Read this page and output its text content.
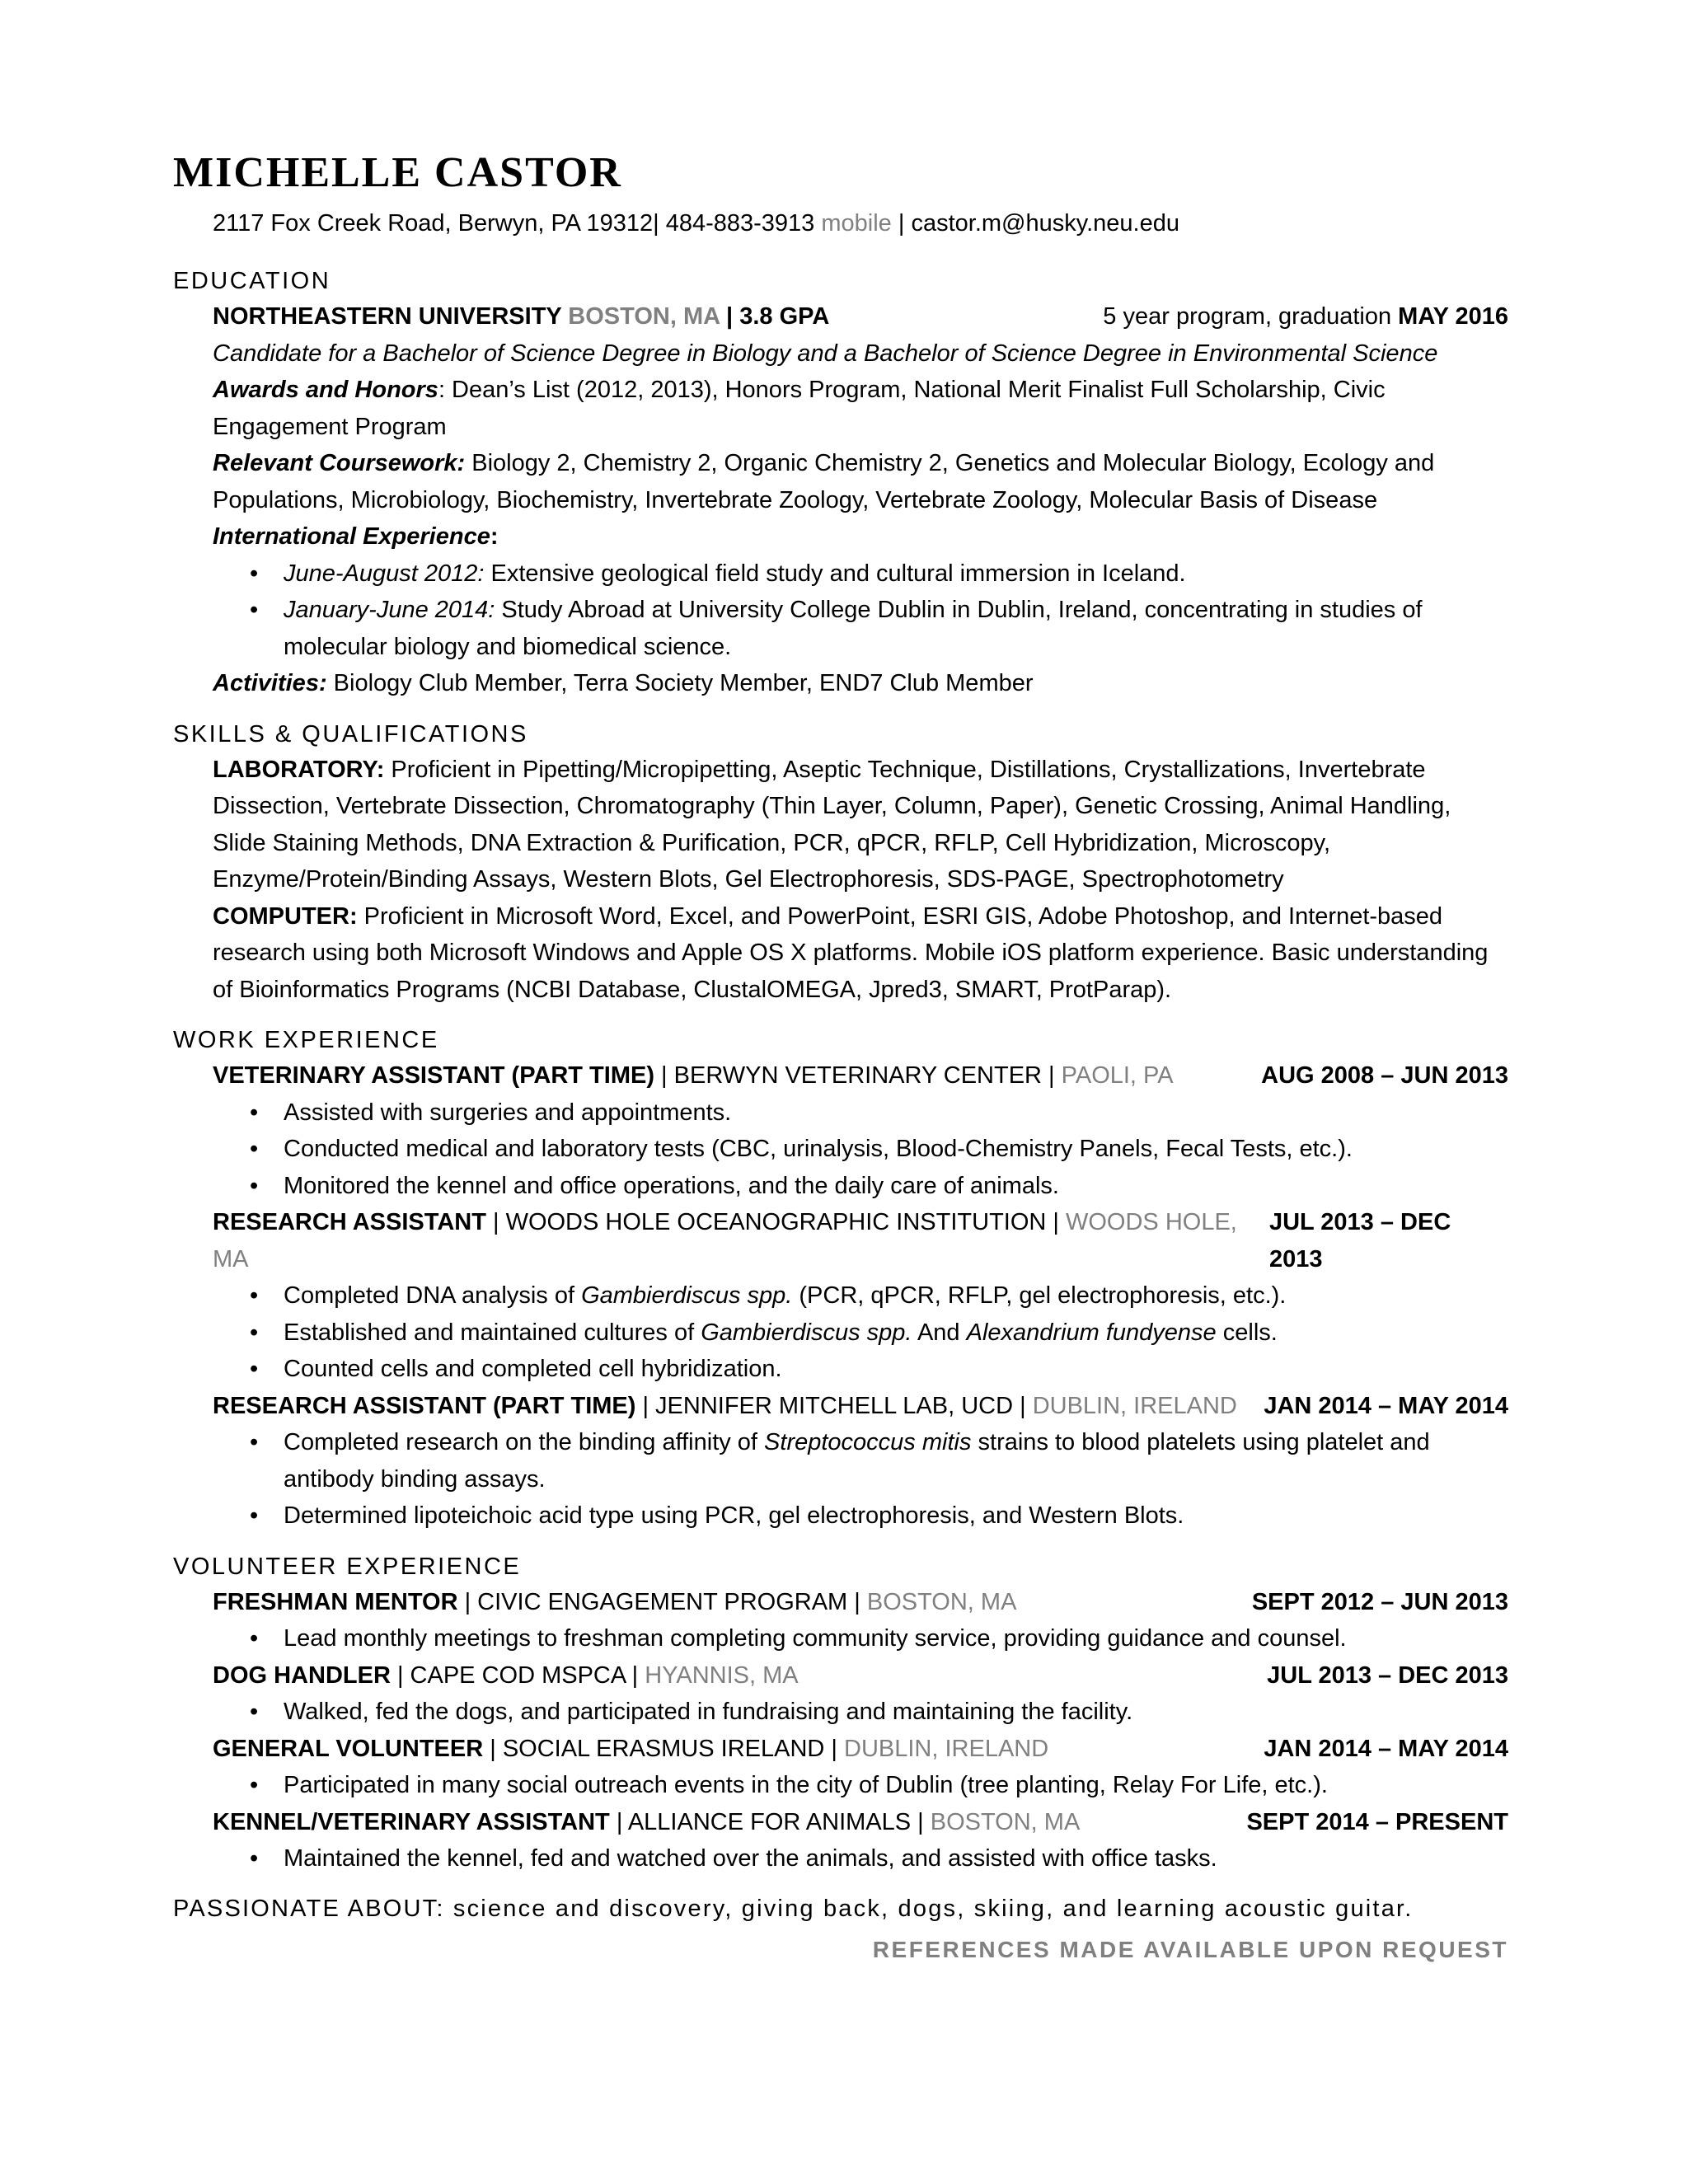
MICHELLE CASTOR
2117 Fox Creek Road, Berwyn, PA 19312| 484-883-3913 mobile | castor.m@husky.neu.edu
EDUCATION
NORTHEASTERN UNIVERSITY BOSTON, MA | 3.8 GPA	5 year program, graduation MAY 2016
Candidate for a Bachelor of Science Degree in Biology and a Bachelor of Science Degree in Environmental Science
Awards and Honors: Dean’s List (2012, 2013), Honors Program, National Merit Finalist Full Scholarship, Civic Engagement Program
Relevant Coursework: Biology 2, Chemistry 2, Organic Chemistry 2, Genetics and Molecular Biology, Ecology and Populations, Microbiology, Biochemistry, Invertebrate Zoology, Vertebrate Zoology, Molecular Basis of Disease
International Experience:
• June-August 2012: Extensive geological field study and cultural immersion in Iceland.
• January-June 2014: Study Abroad at University College Dublin in Dublin, Ireland, concentrating in studies of molecular biology and biomedical science.
Activities: Biology Club Member, Terra Society Member, END7 Club Member
SKILLS & QUALIFICATIONS
LABORATORY: Proficient in Pipetting/Micropipetting, Aseptic Technique, Distillations, Crystallizations, Invertebrate Dissection, Vertebrate Dissection, Chromatography (Thin Layer, Column, Paper), Genetic Crossing, Animal Handling, Slide Staining Methods, DNA Extraction & Purification, PCR, qPCR, RFLP, Cell Hybridization, Microscopy, Enzyme/Protein/Binding Assays, Western Blots, Gel Electrophoresis, SDS-PAGE, Spectrophotometry
COMPUTER: Proficient in Microsoft Word, Excel, and PowerPoint, ESRI GIS, Adobe Photoshop, and Internet-based research using both Microsoft Windows and Apple OS X platforms. Mobile iOS platform experience. Basic understanding of Bioinformatics Programs (NCBI Database, ClustalOMEGA, Jpred3, SMART, ProtParap).
WORK EXPERIENCE
VETERINARY ASSISTANT (PART TIME) | BERWYN VETERINARY CENTER | PAOLI, PA	AUG 2008 – JUN 2013
• Assisted with surgeries and appointments.
• Conducted medical and laboratory tests (CBC, urinalysis, Blood-Chemistry Panels, Fecal Tests, etc.).
• Monitored the kennel and office operations, and the daily care of animals.
RESEARCH ASSISTANT | WOODS HOLE OCEANOGRAPHIC INSTITUTION | WOODS HOLE, MA
JUL 2013 – DEC 2013
• Completed DNA analysis of Gambierdiscus spp. (PCR, qPCR, RFLP, gel electrophoresis, etc.).
• Established and maintained cultures of Gambierdiscus spp. And Alexandrium fundyense cells.
• Counted cells and completed cell hybridization.
RESEARCH ASSISTANT (PART TIME) | JENNIFER MITCHELL LAB, UCD | DUBLIN, IRELAND JAN 2014 – MAY 2014
• Completed research on the binding affinity of Streptococcus mitis strains to blood platelets using platelet and antibody binding assays.
• Determined lipoteichoic acid type using PCR, gel electrophoresis, and Western Blots.
VOLUNTEER EXPERIENCE
FRESHMAN MENTOR | CIVIC ENGAGEMENT PROGRAM | BOSTON, MA	SEPT 2012 – JUN 2013
• Lead monthly meetings to freshman completing community service, providing guidance and counsel.
DOG HANDLER | CAPE COD MSPCA | HYANNIS, MA	JUL 2013 – DEC 2013
• Walked, fed the dogs, and participated in fundraising and maintaining the facility.
GENERAL VOLUNTEER | SOCIAL ERASMUS IRELAND | DUBLIN, IRELAND	JAN 2014 – MAY 2014
• Participated in many social outreach events in the city of Dublin (tree planting, Relay For Life, etc.).
KENNEL/VETERINARY ASSISTANT | ALLIANCE FOR ANIMALS | BOSTON, MA	SEPT 2014 – PRESENT
• Maintained the kennel, fed and watched over the animals, and assisted with office tasks.
PASSIONATE ABOUT: science and discovery, giving back, dogs, skiing, and learning acoustic guitar.
REFERENCES MADE AVAILABLE UPON REQUEST
